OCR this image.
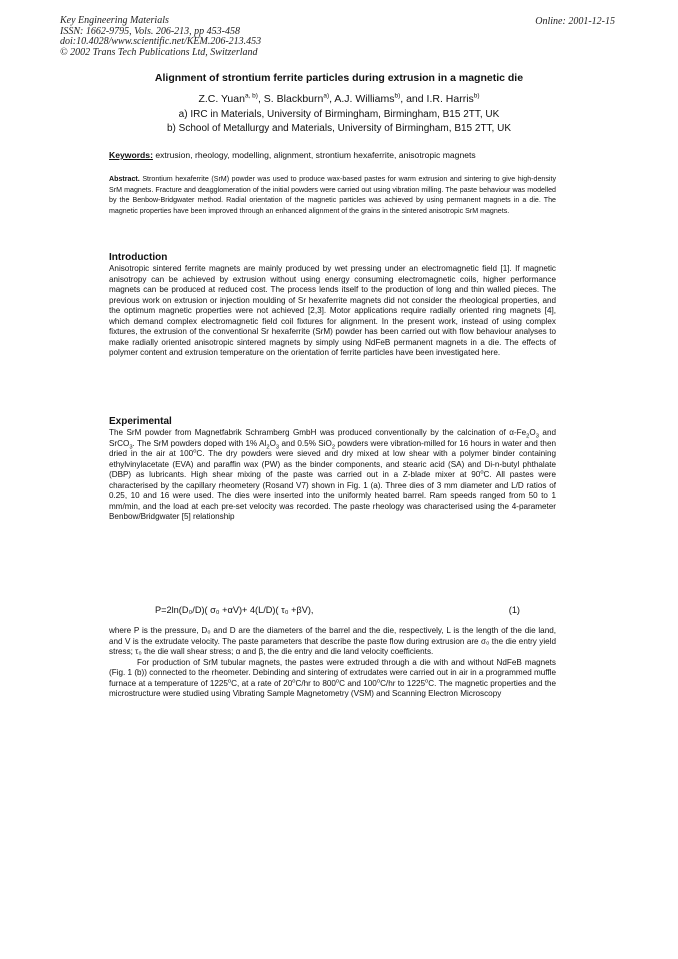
Key Engineering Materials
ISSN: 1662-9795, Vols. 206-213, pp 453-458
doi:10.4028/www.scientific.net/KEM.206-213.453
© 2002 Trans Tech Publications Ltd, Switzerland
Online: 2001-12-15
Alignment of strontium ferrite particles during extrusion in a magnetic die
Z.C. Yuan$^{a, b)}$, S. Blackburn$^{a)}$, A.J. Williams$^{b)}$, and I.R. Harris$^{b)}$
a) IRC in Materials, University of Birmingham, Birmingham, B15 2TT, UK
b) School of Metallurgy and Materials, University of Birmingham, B15 2TT, UK
Keywords: extrusion, rheology, modelling, alignment, strontium hexaferrite, anisotropic magnets
Abstract. Strontium hexaferrite (SrM) powder was used to produce wax-based pastes for warm extrusion and sintering to give high-density SrM magnets. Fracture and deagglomeration of the initial powders were carried out using vibration milling. The paste behaviour was modelled by the Benbow-Bridgwater method. Radial orientation of the magnetic particles was achieved by using permanent magnets in a die. The magnetic properties have been improved through an enhanced alignment of the grains in the sintered anisotropic SrM magnets.
Introduction

Anisotropic sintered ferrite magnets are mainly produced by wet pressing under an electromagnetic field [1]. If magnetic anisotropy can be achieved by extrusion without using energy consuming electromagnetic coils, higher performance magnets can be produced at reduced cost. The process lends itself to the production of long and thin walled pieces. The previous work on extrusion or injection moulding of Sr hexaferrite magnets did not consider the rheological properties, and the optimum magnetic properties were not achieved [2,3]. Motor applications require radially oriented ring magnets [4], which demand complex electromagnetic field coil fixtures for alignment. In the present work, instead of using complex fixtures, the extrusion of the conventional Sr hexaferrite (SrM) powder has been carried out with flow behaviour analyses to make radially oriented anisotropic sintered magnets by simply using NdFeB permanent magnets in a die. The effects of polymer content and extrusion temperature on the orientation of ferrite particles have been investigated here.

Experimental

The SrM powder from Magnetfabrik Schramberg GmbH was produced conventionally by the calcination of $\alpha-Fe_2O_3$ and SrCO$_3$. The SrM powders doped with 1% $Al_2O_3$ and 0.5% SiO$_2$ powders were vibration-milled for 16 hours in water and then dried in the air at 100$^o$C. The dry powders were sieved and dry mixed at low shear with a polymer binder containing ethylvinylacetate (EVA) and paraffin wax (PW) as the binder components, and stearic acid (SA) and Di-n-butyl phthalate (DBP) as lubricants. High shear mixing of the paste was carried out in a Z-blade mixer at 90$^o$C. All pastes were characterised by the capillary rheometery (Rosand V7) shown in Fig. 1 (a). Three dies of 3 mm diameter and L/D ratios of 0.25, 10 and 16 were used. The dies were inserted into the uniformly heated barrel. Ram speeds ranged from 50 to 1 mm/min, and the load at each pre-set velocity was recorded. The paste rheology was characterised using the 4-parameter Benbow/Bridgwater [5] relationship

P=2ln(D₀/D)( σ₀ +αV)+ 4(L/D)( τ₀ +βV),	(1)

where P is the pressure, D₀ and D are the diameters of the barrel and the die, respectively, L is the length of the die land, and V is the extrudate velocity. The paste parameters that describe the paste flow during extrusion are σ₀ the die entry yield stress; τ₀ the die wall shear stress; α and β, the die entry and die land velocity coefficients.

For production of SrM tubular magnets, the pastes were extruded through a die with and without NdFeB magnets (Fig. 1 (b)) connected to the rheometer. Debinding and sintering of extrudates were carried out in air in a programmed muffle furnace at a temperature of 1225$^o$C, at a rate of 20$^o$C/hr to 800$^o$C and 100$^o$C/hr to 1225$^o$C. The magnetic properties and the microstructure were studied using Vibrating Sample Magnetometry (VSM) and Scanning Electron Microscopy
